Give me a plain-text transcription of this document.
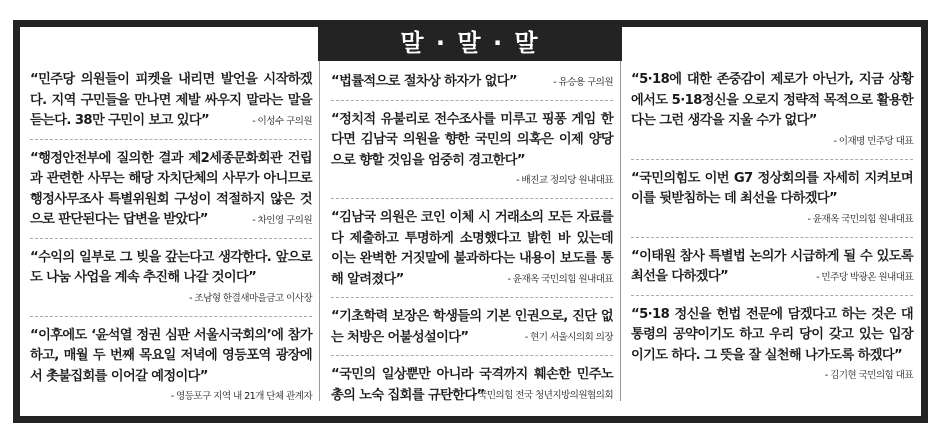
말 · 말 · 말
“민주당 의원들이 피켓을 내리면 발언을 시작하겠다. 지역 구민들을 만나면 제발 싸우지 말라는 말을 듣는다. 38만 구민이 보고 있다”	- 이성수 구의원
“행정안전부에 질의한 결과 제2세종문화회관 건립과 관련한 사무는 해당 자치단체의 사무가 아니므로 행정사무조사 특별위원회 구성이 적절하지 않은 것으로 판단된다는 답변을 받았다”	- 차인영 구의원
“수익의 일부로 그 빚을 갚는다고 생각한다. 앞으로도 나눔 사업을 계속 추진해 나갈 것이다”
- 조남형 한결새마을금고 이사장
“이후에도 ‘윤석열 정권 심판 서울시국회의’에 참가하고, 매월 두 번째 목요일 저녁에 영등포역 광장에서 촛불집회를 이어갈 예정이다”
- 영등포구 지역 내 21개 단체 관계자
“법률적으로 절차상 하자가 없다”	- 유승용 구의원
“정치적 유불리로 전수조사를 미루고 핑퐁 게임 한다면 김남국 의원을 향한 국민의 의혹은 이제 양당으로 향할 것임을 엄중히 경고한다”
- 배진교 정의당 원내대표
“김남국 의원은 코인 이체 시 거래소의 모든 자료를 다 제출하고 투명하게 소명했다고 밝힌 바 있는데 이는 완벽한 거짓말에 불과하다는 내용이 보도를 통해 알려졌다”	- 윤재옥 국민의힘 원내대표
“기초학력 보장은 학생들의 기본 인권으로, 진단 없는 처방은 어불성설이다”	- 현기 서울시의회 의장
“국민의 일상뿐만 아니라 국격까지 훼손한 민주노총의 노숙 집회를 규탄한다”
- 국민의힘 전국 청년지방의원협의회
“5·18에 대한 존중감이 제로가 아닌가, 지금 상황에서도 5·18정신을 오로지 정략적 목적으로 활용한다는 그런 생각을 지울 수가 없다”
- 이재명 민주당 대표
“국민의힘도 이번 G7 정상회의를 자세히 지켜보며 이를 뒷받침하는 데 최선을 다하겠다”
- 윤재옥 국민의힘 원내대표
“이태원 참사 특별법 논의가 시급하게 될 수 있도록 최선을 다하겠다”	- 민주당 박광온 원내대표
“5·18 정신을 헌법 전문에 담겠다고 하는 것은 대통령의 공약이기도 하고 우리 당이 갖고 있는 입장이기도 하다. 그 뜻을 잘 실천해 나가도록 하겠다”
- 김기현 국민의힘 대표
